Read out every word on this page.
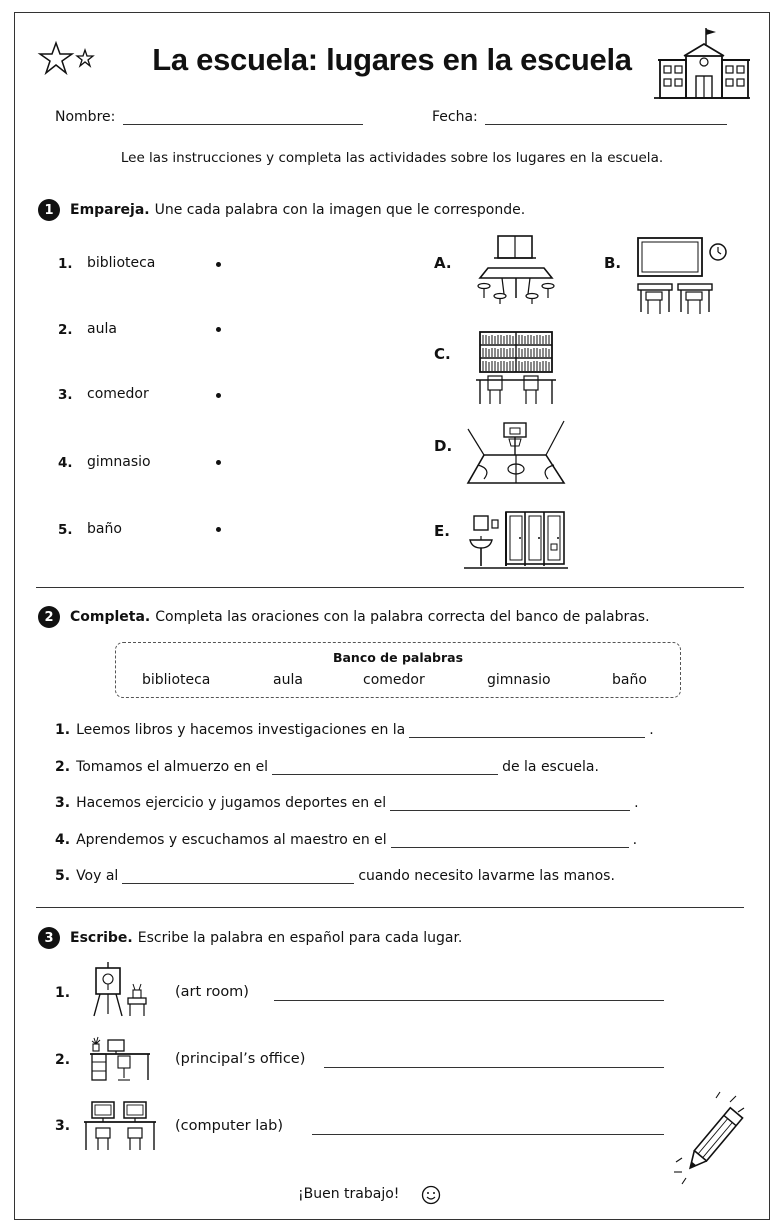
La escuela: lugares en la escuela
Nombre:	Fecha:
Lee las instrucciones y completa las actividades sobre los lugares en la escuela.
1	Empareja. Une cada palabra con la imagen que le corresponde.
1. biblioteca
2. aula
3. comedor
4. gimnasio
5. baño
A.	B.
C.
D.
E.
2	Completa. Completa las oraciones con la palabra correcta del banco de palabras.
Banco de palabras
biblioteca	aula	comedor	gimnasio	baño
1. Leemos libros y hacemos investigaciones en la	.
2. Tomamos el almuerzo en el	de la escuela.
3. Hacemos ejercicio y jugamos deportes en el	.
4. Aprendemos y escuchamos al maestro en el	.
5. Voy al	cuando necesito lavarme las manos.
3	Escribe. Escribe la palabra en español para cada lugar.
1.	(art room)
2.	(principal’s office)
3.	(computer lab)
¡Buen trabajo!
